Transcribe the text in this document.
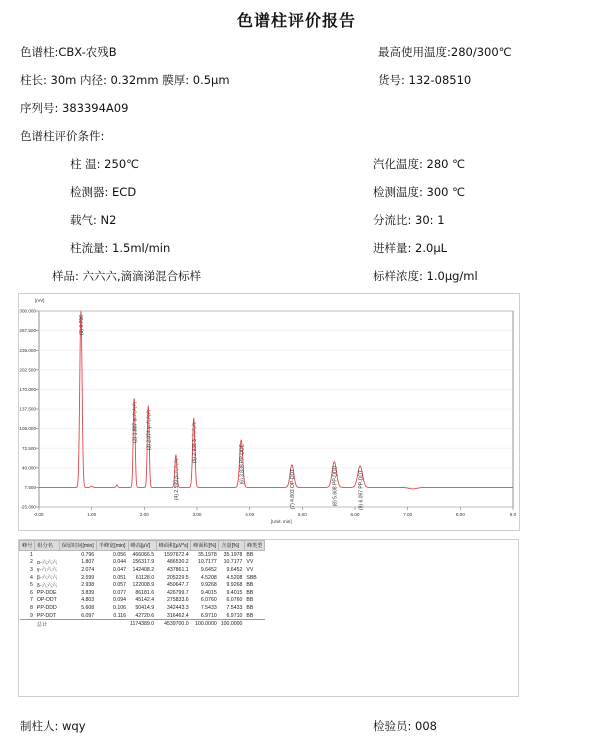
色谱柱评价报告
色谱柱:CBX-农残B	最高使用温度:280/300℃
柱长: 30m 内径: 0.32mm 膜厚: 0.5μm	货号: 132-08510
序列号: 383394A09
色谱柱评价条件:
柱 温: 250℃	汽化温度: 280 ℃
检测器: ECD	检测温度: 300 ℃
载气: N2	分流比: 30: 1
柱流量: 1.5ml/min	进样量: 2.0μL
样品: 六六六,滴滴涕混合标样	标样浓度: 1.0μg/ml
300.000
267.500
235.000
202.500
170.000
137.500
105.000
72.500
40.000
7.500
-25.000
0.00	1.00	2.00	3.00	4.00	5.00	6.00	7.00	8.00	9.0
[mV]
[Unit: min]
(1) 0.796
(2) 1.807 α-六六六 (3) 2.074 γ-六六六
(4) 2.599 β-六六六
(5) 2.938 δ-六六六
(6) 3.839 PP-DDE
(7) 4.803 OP-DDT	(8) 5.608 PP-DDD	(9) 6.097 PP-DDT
峰号	组分名	保留时间[min]	半峰宽[min]	峰高[μV]	峰面积[μV*s]	峰面积[%]	含量[%]	峰类型
1		0.796	0.056	466066.5	1597672.4	35.1978	35.1978	BB
2	α-六六六	1.807	0.044	156317.9	486530.2	10.7177	10.7177	VV
3	γ-六六六	2.074	0.047	142408.2	437861.1	9.6452	9.6452	VV
4	β-六六六	2.599	0.051	61128.0	205229.5	4.5208	4.5208	SBB
5	δ-六六六	2.938	0.057	122008.9	450647.7	9.9268	9.9268	BB
6	PP-DDE	3.839	0.077	86181.6	426799.7	9.4015	9.4015	BB
7	OP-DDT	4.803	0.094	45142.4	275833.6	6.0760	6.0760	BB
8	PP-DDD	5.608	0.106	50414.9	342443.3	7.5433	7.5433	BB
9	PP-DDT	6.097	0.116	42720.6	316462.4	6.9710	6.9710	BB
	总计			1174389.0	4539700.0	100.0000	100.0000	
制柱人: wqy	检验员: 008
